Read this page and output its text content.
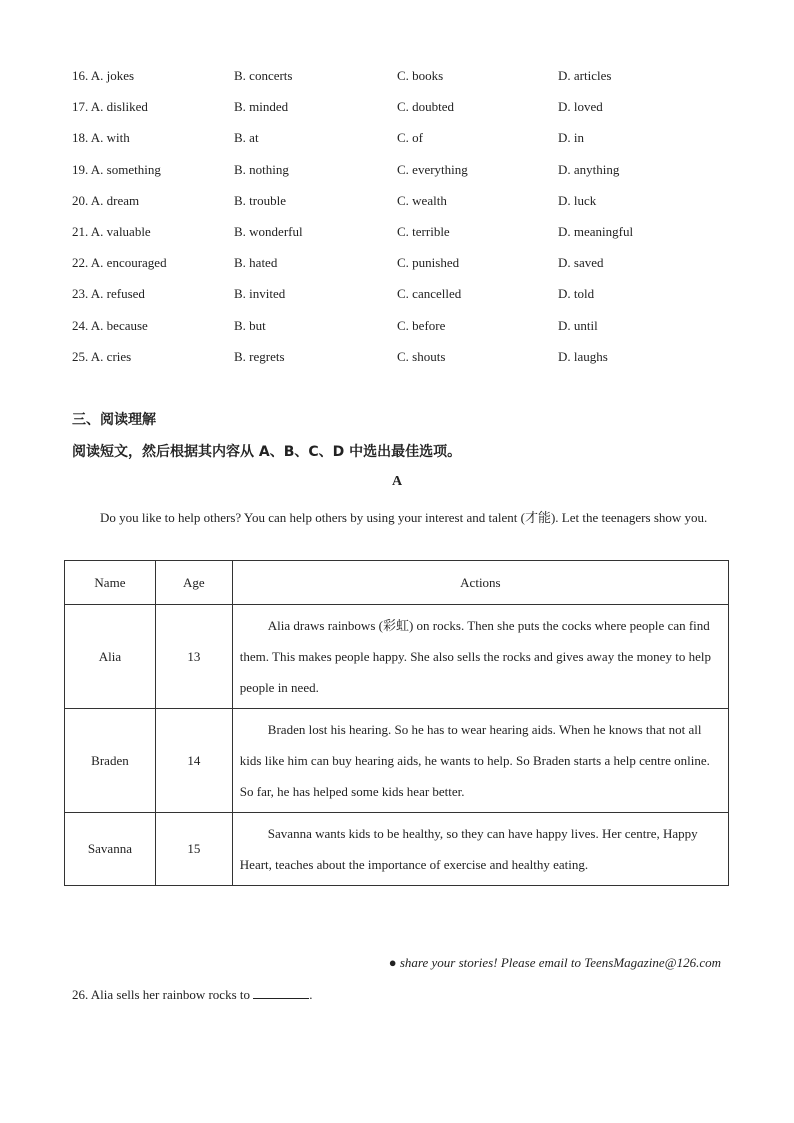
16. A. jokes	B. concerts	C. books	D. articles
17. A. disliked	B. minded	C. doubted	D. loved
18. A. with	B. at	C. of	D. in
19. A. something	B. nothing	C. everything	D. anything
20. A. dream	B. trouble	C. wealth	D. luck
21. A. valuable	B. wonderful	C. terrible	D. meaningful
22. A. encouraged	B. hated	C. punished	D. saved
23. A. refused	B. invited	C. cancelled	D. told
24. A. because	B. but	C. before	D. until
25. A. cries	B. regrets	C. shouts	D. laughs
三、阅读理解
阅读短文，然后根据其内容从 A、B、C、D 中选出最佳选项。
A
Do you like to help others? You can help others by using your interest and talent (才能). Let the teenagers show you.
Name	Age	Actions
Alia	13	Alia draws rainbows (彩虹) on rocks. Then she puts the cocks where people can find them. This makes people happy. She also sells the rocks and gives away the money to help people in need.
Braden	14	Braden lost his hearing. So he has to wear hearing aids. When he knows that not all kids like him can buy hearing aids, he wants to help. So Braden starts a help centre online. So far, he has helped some kids hear better.
Savanna	15	Savanna wants kids to be healthy, so they can have happy lives. Her centre, Happy Heart, teaches about the importance of exercise and healthy eating.
● share your stories! Please email to TeensMagazine@126.com
26. Alia sells her rainbow rocks to	.
